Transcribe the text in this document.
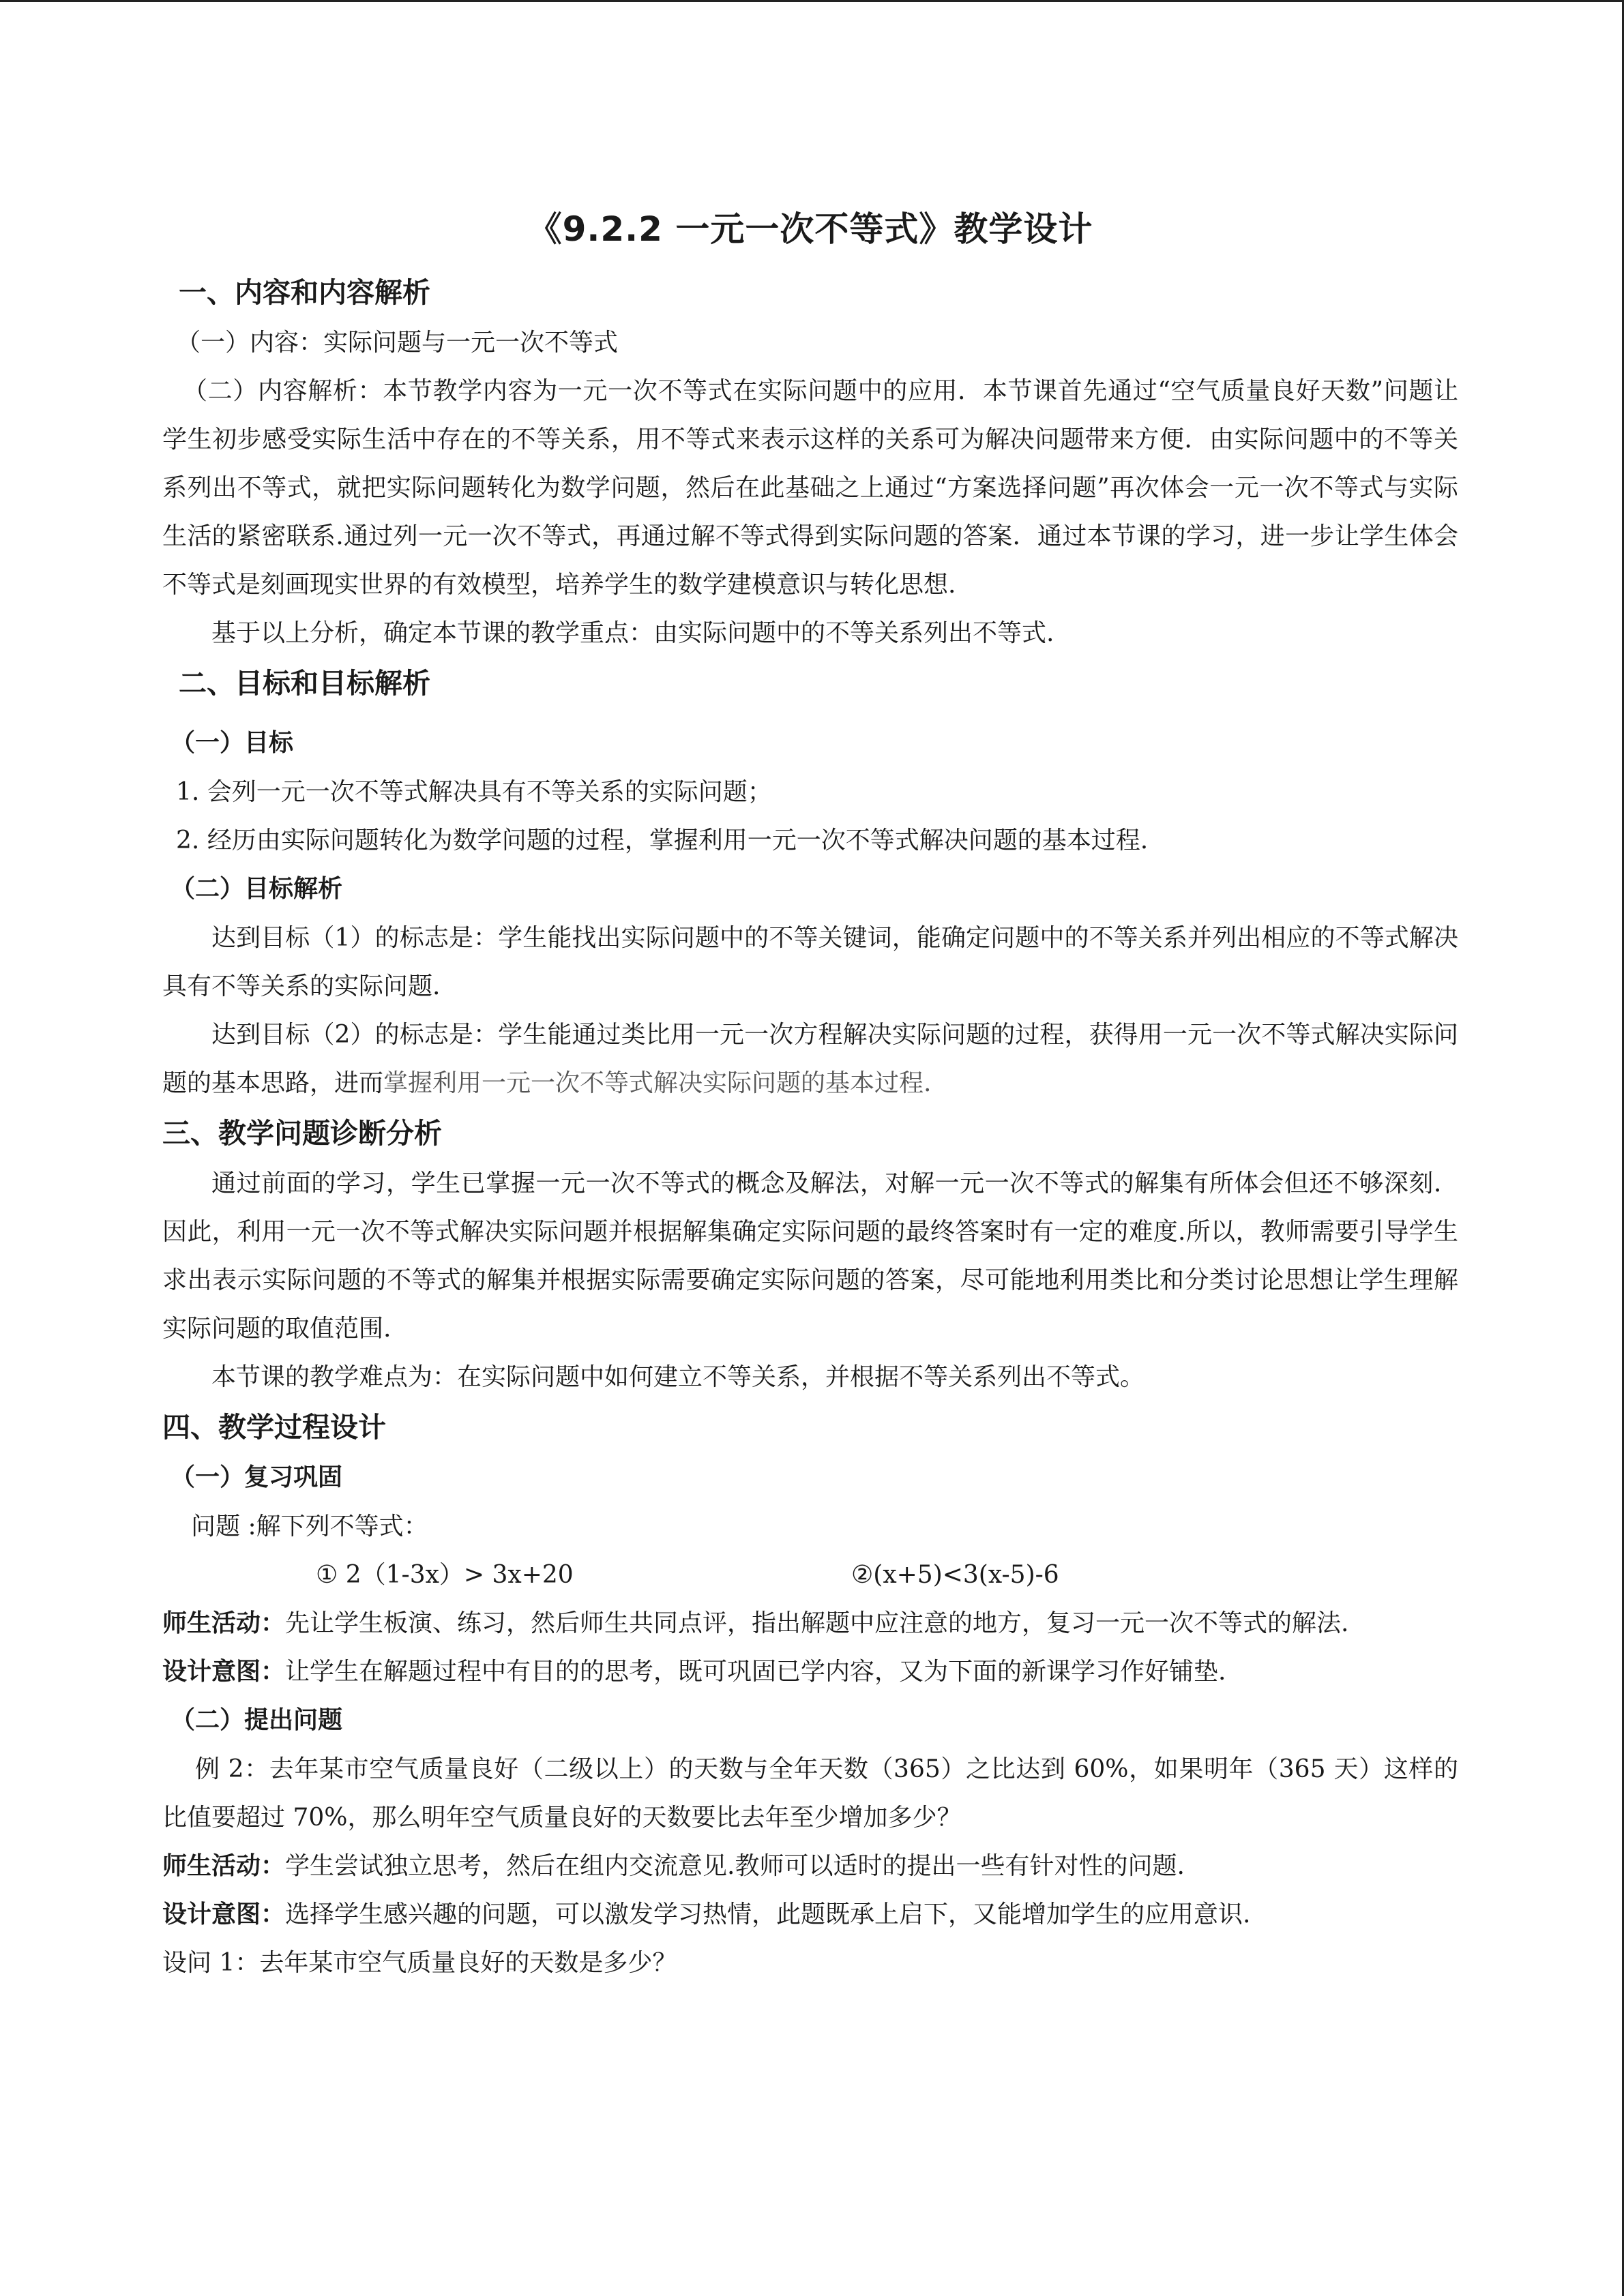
《9.2.2 一元一次不等式》教学设计
一、内容和内容解析
（一）内容：实际问题与一元一次不等式
（二）内容解析：本节教学内容为一元一次不等式在实际问题中的应用．本节课首先通过“空气质量良好天数”问题让学生初步感受实际生活中存在的不等关系，用不等式来表示这样的关系可为解决问题带来方便．由实际问题中的不等关系列出不等式，就把实际问题转化为数学问题，然后在此基础之上通过“方案选择问题”再次体会一元一次不等式与实际生活的紧密联系.通过列一元一次不等式，再通过解不等式得到实际问题的答案．通过本节课的学习，进一步让学生体会不等式是刻画现实世界的有效模型，培养学生的数学建模意识与转化思想.
基于以上分析，确定本节课的教学重点：由实际问题中的不等关系列出不等式.
二、目标和目标解析
（一）目标
1. 会列一元一次不等式解决具有不等关系的实际问题；
2. 经历由实际问题转化为数学问题的过程，掌握利用一元一次不等式解决问题的基本过程.
（二）目标解析
达到目标（1）的标志是：学生能找出实际问题中的不等关键词，能确定问题中的不等关系并列出相应的不等式解决具有不等关系的实际问题.
达到目标（2）的标志是：学生能通过类比用一元一次方程解决实际问题的过程，获得用一元一次不等式解决实际问题的基本思路，进而掌握利用一元一次不等式解决实际问题的基本过程.
三、教学问题诊断分析
通过前面的学习，学生已掌握一元一次不等式的概念及解法，对解一元一次不等式的解集有所体会但还不够深刻．因此，利用一元一次不等式解决实际问题并根据解集确定实际问题的最终答案时有一定的难度.所以，教师需要引导学生求出表示实际问题的不等式的解集并根据实际需要确定实际问题的答案，尽可能地利用类比和分类讨论思想让学生理解实际问题的取值范围.
本节课的教学难点为：在实际问题中如何建立不等关系，并根据不等关系列出不等式。
四、教学过程设计
（一）复习巩固
问题 :解下列不等式：
① 2（1-3x）> 3x+20	②(x+5)<3(x-5)-6
师生活动：先让学生板演、练习，然后师生共同点评，指出解题中应注意的地方，复习一元一次不等式的解法.
设计意图：让学生在解题过程中有目的的思考，既可巩固已学内容，又为下面的新课学习作好铺垫.
（二）提出问题
例 2：去年某市空气质量良好（二级以上）的天数与全年天数（365）之比达到 60%，如果明年（365 天）这样的比值要超过 70%，那么明年空气质量良好的天数要比去年至少增加多少？
师生活动：学生尝试独立思考，然后在组内交流意见.教师可以适时的提出一些有针对性的问题.
设计意图：选择学生感兴趣的问题，可以激发学习热情，此题既承上启下，又能增加学生的应用意识.
设问 1：去年某市空气质量良好的天数是多少？
